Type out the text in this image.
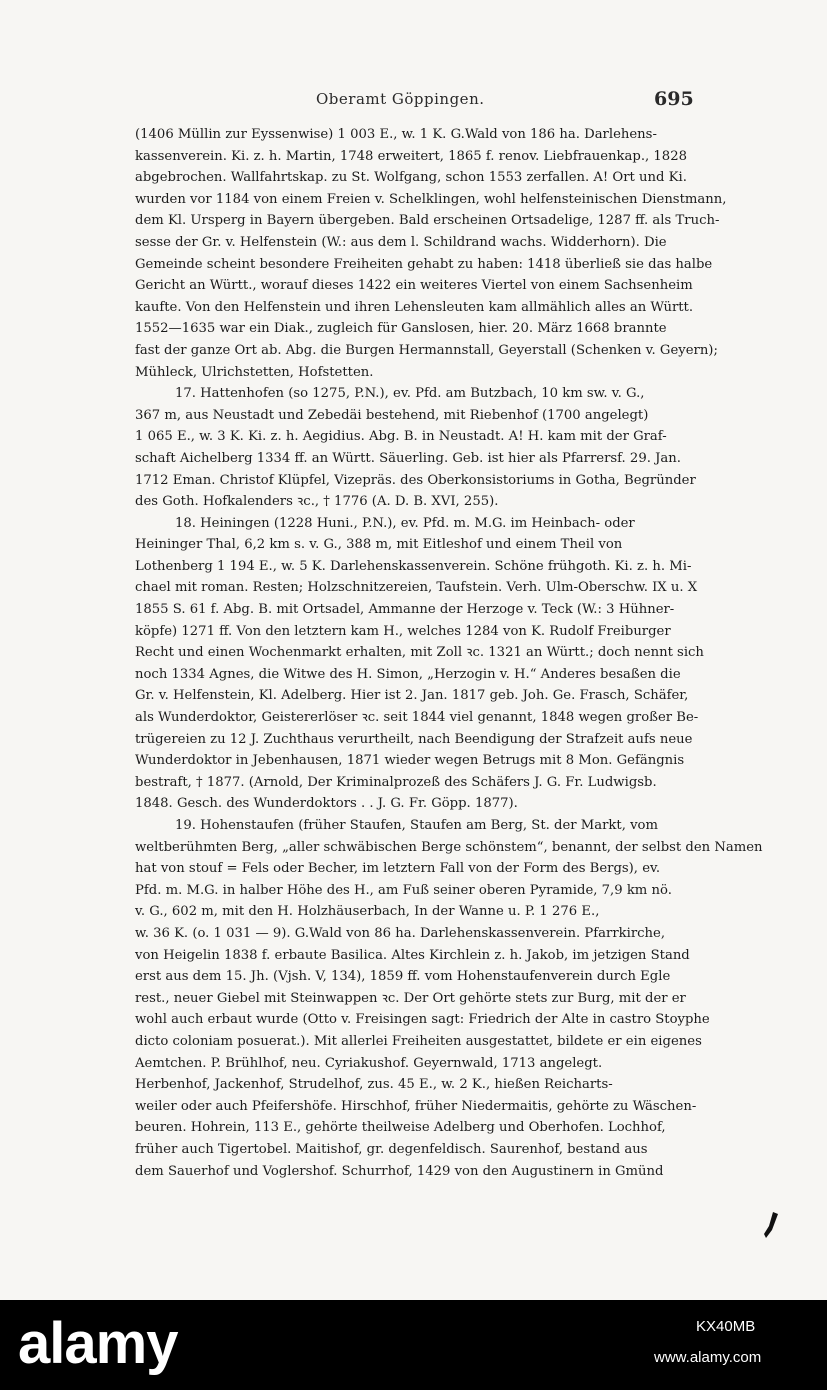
Oberamt Göppingen.	695
(1406 Müllin zur Eyssenwise) 1 003 E., w. 1 K. G.Wald von 186 ha. Darlehens-
kassenverein. Ki. z. h. Martin, 1748 erweitert, 1865 f. renov. Liebfrauenkap., 1828
abgebrochen. Wallfahrtskap. zu St. Wolfgang, schon 1553 zerfallen. A! Ort und Ki.
wurden vor 1184 von einem Freien v. Schelklingen, wohl helfensteinischen Dienstmann,
dem Kl. Ursperg in Bayern übergeben. Bald erscheinen Ortsadelige, 1287 ff. als Truch-
sesse der Gr. v. Helfenstein (W.: aus dem l. Schildrand wachs. Widderhorn). Die
Gemeinde scheint besondere Freiheiten gehabt zu haben: 1418 überließ sie das halbe
Gericht an Württ., worauf dieses 1422 ein weiteres Viertel von einem Sachsenheim
kaufte. Von den Helfenstein und ihren Lehensleuten kam allmählich alles an Württ.
1552—1635 war ein Diak., zugleich für Ganslosen, hier. 20. März 1668 brannte
fast der ganze Ort ab. Abg. die Burgen Hermannstall, Geyerstall (Schenken v. Geyern);
Mühleck, Ulrichstetten, Hofstetten.
17. Hattenhofen (so 1275, P.N.), ev. Pfd. am Butzbach, 10 km sw. v. G.,
367 m, aus Neustadt und Zebedäi bestehend, mit Riebenhof (1700 angelegt)
1 065 E., w. 3 K. Ki. z. h. Aegidius. Abg. B. in Neustadt. A! H. kam mit der Graf-
schaft Aichelberg 1334 ff. an Württ. Säuerling. Geb. ist hier als Pfarrersf. 29. Jan.
1712 Eman. Christof Klüpfel, Vizepräs. des Oberkonsistoriums in Gotha, Begründer
des Goth. Hofkalenders ꝛc., † 1776 (A. D. B. XVI, 255).
18. Heiningen (1228 Huni., P.N.), ev. Pfd. m. M.G. im Heinbach- oder
Heininger Thal, 6,2 km s. v. G., 388 m, mit Eitleshof und einem Theil von
Lothenberg 1 194 E., w. 5 K. Darlehenskassenverein. Schöne frühgoth. Ki. z. h. Mi-
chael mit roman. Resten; Holzschnitzereien, Taufstein. Verh. Ulm-Oberschw. IX u. X
1855 S. 61 f. Abg. B. mit Ortsadel, Ammanne der Herzoge v. Teck (W.: 3 Hühner-
köpfe) 1271 ff. Von den letztern kam H., welches 1284 von K. Rudolf Freiburger
Recht und einen Wochenmarkt erhalten, mit Zoll ꝛc. 1321 an Württ.; doch nennt sich
noch 1334 Agnes, die Witwe des H. Simon, „Herzogin v. H.“ Anderes besaßen die
Gr. v. Helfenstein, Kl. Adelberg. Hier ist 2. Jan. 1817 geb. Joh. Ge. Frasch, Schäfer,
als Wunderdoktor, Geistererlöser ꝛc. seit 1844 viel genannt, 1848 wegen großer Be-
trügereien zu 12 J. Zuchthaus verurtheilt, nach Beendigung der Strafzeit aufs neue
Wunderdoktor in Jebenhausen, 1871 wieder wegen Betrugs mit 8 Mon. Gefängnis
bestraft, † 1877. (Arnold, Der Kriminalprozeß des Schäfers J. G. Fr. Ludwigsb.
1848. Gesch. des Wunderdoktors . . J. G. Fr. Göpp. 1877).
19. Hohenstaufen (früher Staufen, Staufen am Berg, St. der Markt, vom
weltberühmten Berg, „aller schwäbischen Berge schönstem“, benannt, der selbst den Namen
hat von stouf = Fels oder Becher, im letztern Fall von der Form des Bergs), ev.
Pfd. m. M.G. in halber Höhe des H., am Fuß seiner oberen Pyramide, 7,9 km nö.
v. G., 602 m, mit den H. Holzhäuserbach, In der Wanne u. P. 1 276 E.,
w. 36 K. (o. 1 031 — 9). G.Wald von 86 ha. Darlehenskassenverein. Pfarrkirche,
von Heigelin 1838 f. erbaute Basilica. Altes Kirchlein z. h. Jakob, im jetzigen Stand
erst aus dem 15. Jh. (Vjsh. V, 134), 1859 ff. vom Hohenstaufenverein durch Egle
rest., neuer Giebel mit Steinwappen ꝛc. Der Ort gehörte stets zur Burg, mit der er
wohl auch erbaut wurde (Otto v. Freisingen sagt: Friedrich der Alte in castro Stoyphe
dicto coloniam posuerat.). Mit allerlei Freiheiten ausgestattet, bildete er ein eigenes
Aemtchen. P. Brühlhof, neu. Cyriakushof. Geyernwald, 1713 angelegt.
Herbenhof, Jackenhof, Strudelhof, zus. 45 E., w. 2 K., hießen Reicharts-
weiler oder auch Pfeifershöfe. Hirschhof, früher Niedermaitis, gehörte zu Wäschen-
beuren. Hohrein, 113 E., gehörte theilweise Adelberg und Oberhofen. Lochhof,
früher auch Tigertobel. Maitishof, gr. degenfeldisch. Saurenhof, bestand aus
dem Sauerhof und Voglershof. Schurrhof, 1429 von den Augustinern in Gmünd
alamy	KX40MB
www.alamy.com
